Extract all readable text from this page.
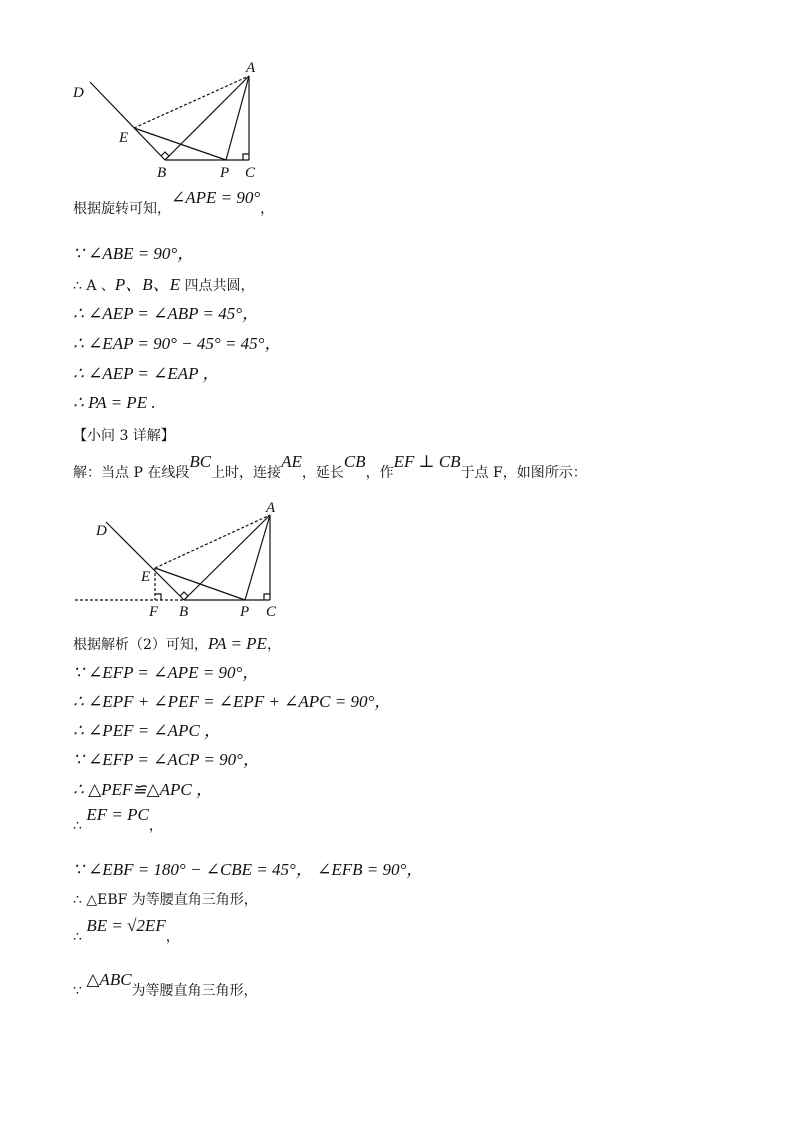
D
A
E
B	P C
根据旋转可知，∠APE = 90°，
∵ ∠ABE = 90°，
∴ A 、P、B、E 四点共圆，
∴ ∠AEP = ∠ABP = 45°，
∴ ∠EAP = 90° − 45° = 45°，
∴ ∠AEP = ∠EAP ，
∴ PA = PE .
【小问 3 详解】
解：当点 P 在线段BC上时，连接AE，延长CB，作EF ⊥ CB于点 F，如图所示：
D
A
E
F B	P C
根据解析（2）可知，PA = PE，
∵ ∠EFP = ∠APE = 90°，
∴ ∠EPF + ∠PEF = ∠EPF + ∠APC = 90°，
∴ ∠PEF = ∠APC ，
∵ ∠EFP = ∠ACP = 90°，
∴ △PEF≌△APC ，
∴ EF = PC，
∵ ∠EBF = 180° − ∠CBE = 45°， ∠EFB = 90°，
∴ △EBF 为等腰直角三角形，
∴ BE = √2EF，
∵ △ABC为等腰直角三角形，
